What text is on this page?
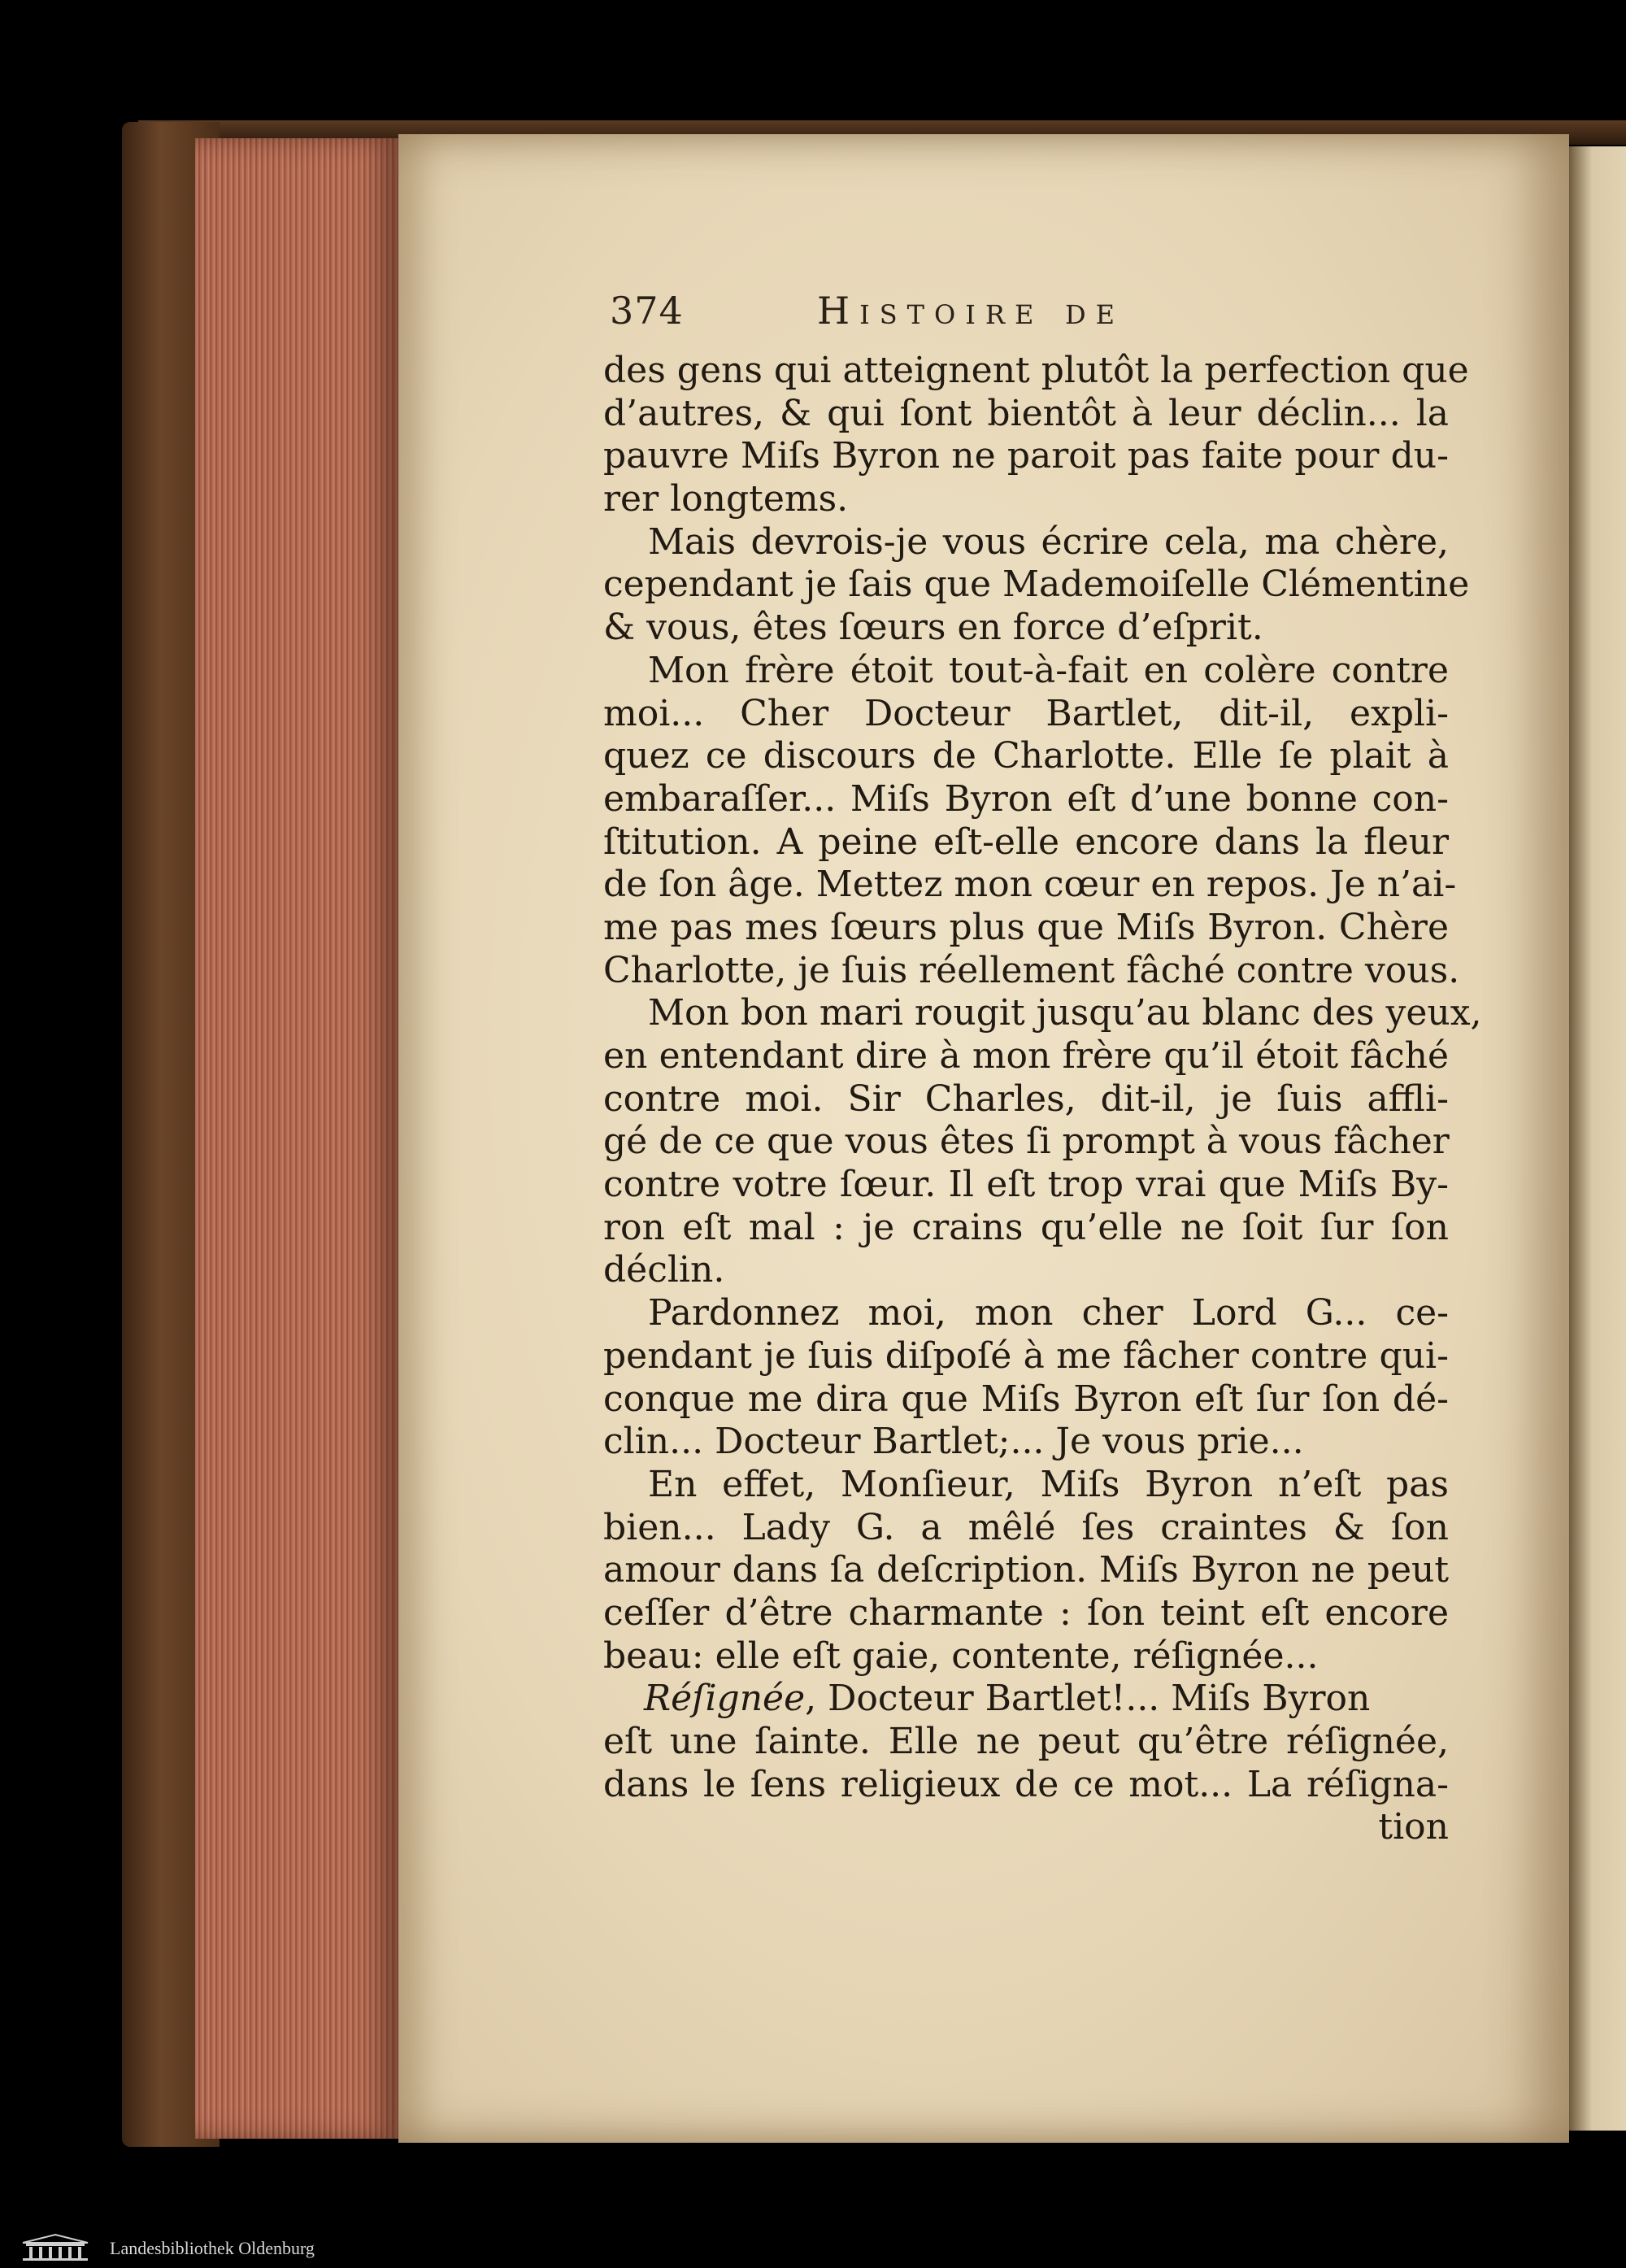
374	Histoire de
des gens qui atteignent plutôt la perfection que
d’autres, & qui ſont bientôt à leur déclin... la
pauvre Miſs Byron ne paroit pas faite pour du-
rer longtems.
Mais devrois-je vous écrire cela, ma chère,
cependant je ſais que Mademoiſelle Clémentine
& vous, êtes ſœurs en force d’eſprit.
Mon frère étoit tout-à-fait en colère contre
moi... Cher Docteur Bartlet, dit-il, expli-
quez ce discours de Charlotte. Elle ſe plait à
embaraſſer... Miſs Byron eſt d’une bonne con-
ſtitution. A peine eſt-elle encore dans la fleur
de ſon âge. Mettez mon cœur en repos. Je n’ai-
me pas mes ſœurs plus que Miſs Byron. Chère
Charlotte, je ſuis réellement fâché contre vous.
Mon bon mari rougit jusqu’au blanc des yeux,
en entendant dire à mon frère qu’il étoit fâché
contre moi. Sir Charles, dit-il, je ſuis affli-
gé de ce que vous êtes ſi prompt à vous fâcher
contre votre ſœur. Il eſt trop vrai que Miſs By-
ron eſt mal : je crains qu’elle ne ſoit ſur ſon
déclin.
Pardonnez moi, mon cher Lord G... ce-
pendant je ſuis diſpoſé à me fâcher contre qui-
conque me dira que Miſs Byron eſt ſur ſon dé-
clin... Docteur Bartlet;... Je vous prie...
En effet, Monſieur, Miſs Byron n’eſt pas
bien... Lady G. a mêlé ſes craintes & ſon
amour dans ſa deſcription. Miſs Byron ne peut
ceſſer d’être charmante : ſon teint eſt encore
beau: elle eſt gaie, contente, réſignée...
Réſignée, Docteur Bartlet!... Miſs Byron
eſt une ſainte. Elle ne peut qu’être réſignée,
dans le ſens religieux de ce mot... La réſigna-
tion
Landesbibliothek Oldenburg
